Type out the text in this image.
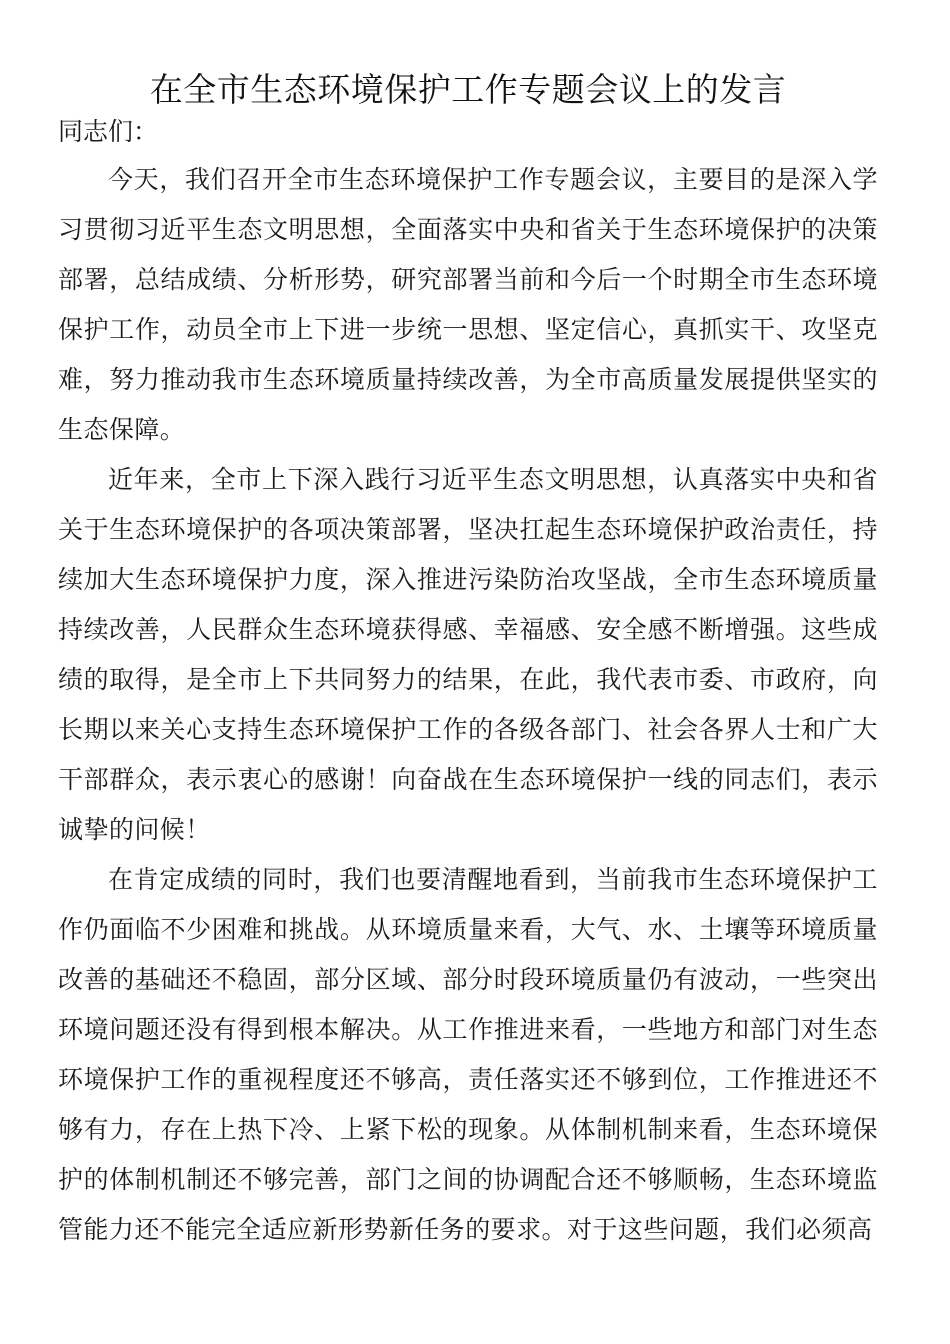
在全市生态环境保护工作专题会议上的发言

同志们：

今天，我们召开全市生态环境保护工作专题会议，主要目的是深入学习贯彻习近平生态文明思想，全面落实中央和省关于生态环境保护的决策部署，总结成绩、分析形势，研究部署当前和今后一个时期全市生态环境保护工作，动员全市上下进一步统一思想、坚定信心，真抓实干、攻坚克难，努力推动我市生态环境质量持续改善，为全市高质量发展提供坚实的生态保障。

近年来，全市上下深入践行习近平生态文明思想，认真落实中央和省关于生态环境保护的各项决策部署，坚决扛起生态环境保护政治责任，持续加大生态环境保护力度，深入推进污染防治攻坚战，全市生态环境质量持续改善，人民群众生态环境获得感、幸福感、安全感不断增强。这些成绩的取得，是全市上下共同努力的结果，在此，我代表市委、市政府，向长期以来关心支持生态环境保护工作的各级各部门、社会各界人士和广大干部群众，表示衷心的感谢！向奋战在生态环境保护一线的同志们，表示诚挚的问候！

在肯定成绩的同时，我们也要清醒地看到，当前我市生态环境保护工作仍面临不少困难和挑战。从环境质量来看，大气、水、土壤等环境质量改善的基础还不稳固，部分区域、部分时段环境质量仍有波动，一些突出环境问题还没有得到根本解决。从工作推进来看，一些地方和部门对生态环境保护工作的重视程度还不够高，责任落实还不够到位，工作推进还不够有力，存在上热下冷、上紧下松的现象。从体制机制来看，生态环境保护的体制机制还不够完善，部门之间的协调配合还不够顺畅，生态环境监管能力还不能完全适应新形势新任务的要求。对于这些问题，我们必须高
